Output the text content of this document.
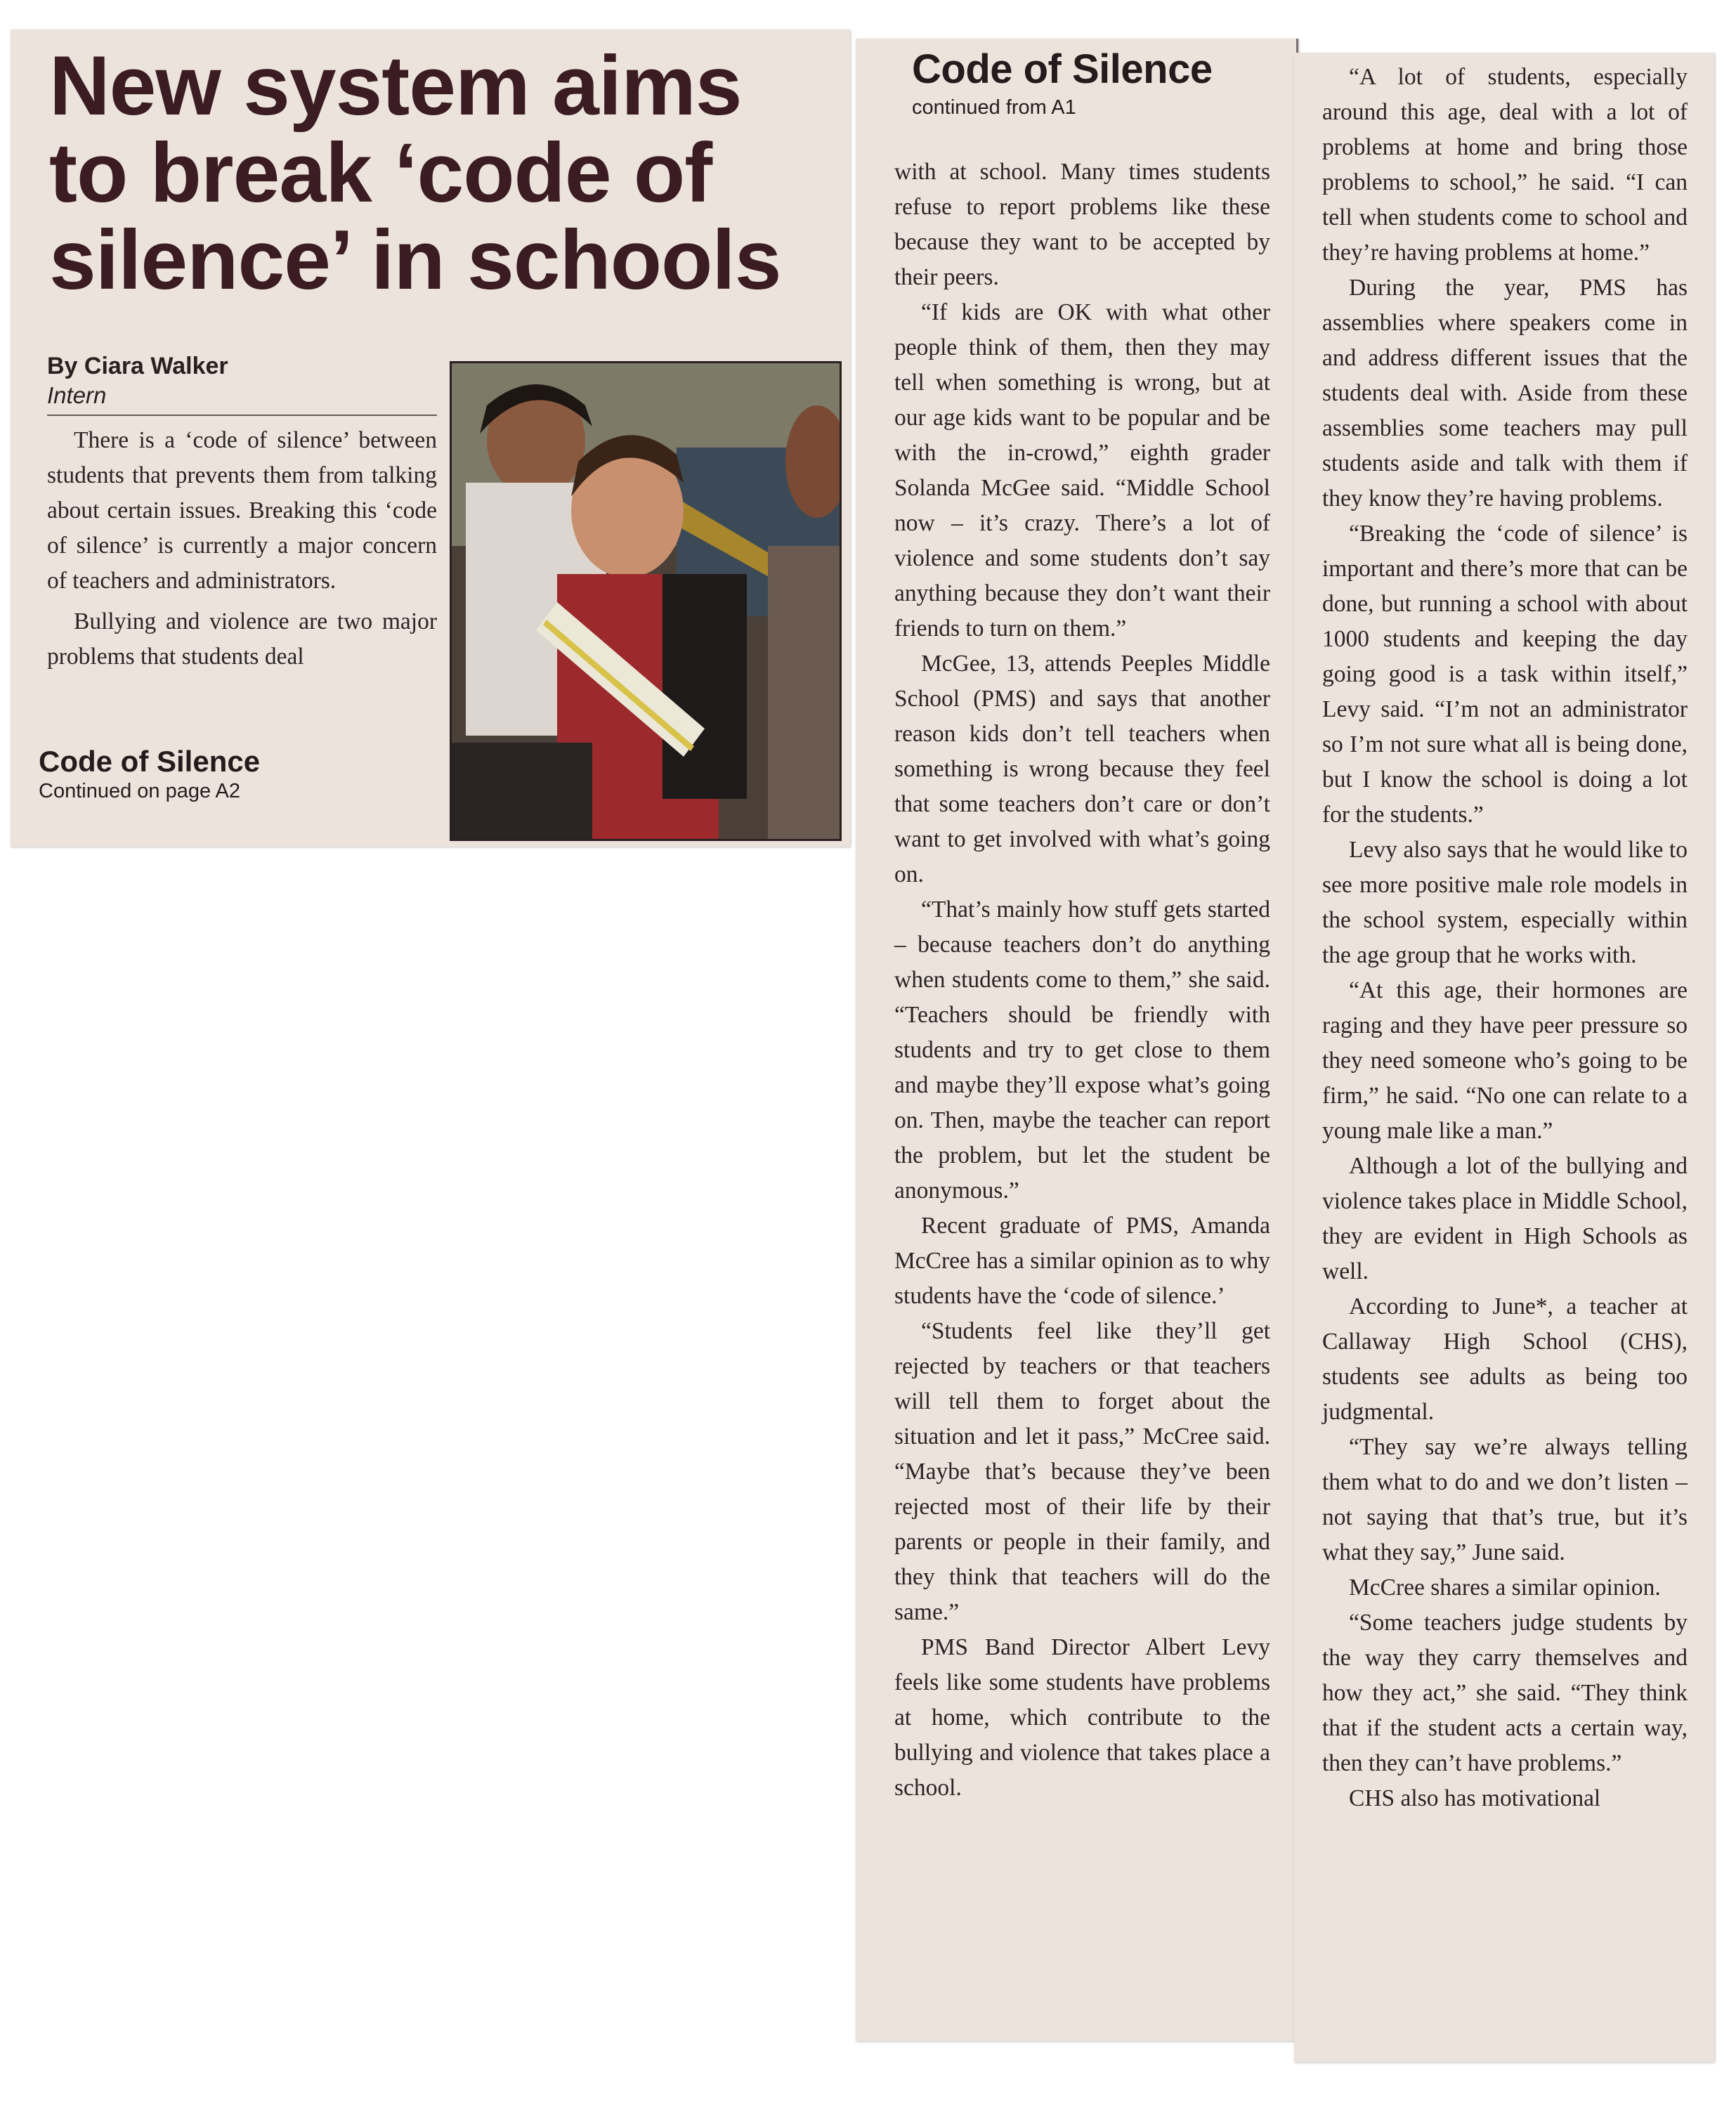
New system aims to break ‘code of silence’ in schools
By Ciara Walker
Intern

There is a ‘code of silence’ between students that prevents them from talking about certain issues. Breaking this ‘code of silence’ is currently a major concern of teachers and administrators.

Bullying and violence are two major problems that students deal

Code of Silence
Continued on page A2
Code of Silence
continued from A1

with at school. Many times students refuse to report problems like these because they want to be accepted by their peers.

“If kids are OK with what other people think of them, then they may tell when something is wrong, but at our age kids want to be popular and be with the in-crowd,” eighth grader Solanda McGee said. “Middle School now – it’s crazy. There’s a lot of violence and some students don’t say anything because they don’t want their friends to turn on them.”

McGee, 13, attends Peeples Middle School (PMS) and says that another reason kids don’t tell teachers when something is wrong because they feel that some teachers don’t care or don’t want to get involved with what’s going on.

“That’s mainly how stuff gets started – because teachers don’t do anything when students come to them,” she said. “Teachers should be friendly with students and try to get close to them and maybe they’ll expose what’s going on. Then, maybe the teacher can report the problem, but let the student be anonymous.”

Recent graduate of PMS, Amanda McCree has a similar opinion as to why students have the ‘code of silence.’

“Students feel like they’ll get rejected by teachers or that teachers will tell them to forget about the situation and let it pass,” McCree said. “Maybe that’s because they’ve been rejected most of their life by their parents or people in their family, and they think that teachers will do the same.”

PMS Band Director Albert Levy feels like some students have problems at home, which contribute to the bullying and violence that takes place a school.

“A lot of students, especially around this age, deal with a lot of problems at home and bring those problems to school,” he said. “I can tell when students come to school and they’re having problems at home.”

During the year, PMS has assemblies where speakers come in and address different issues that the students deal with. Aside from these assemblies some teachers may pull students aside and talk with them if they know they’re having problems.

“Breaking the ‘code of silence’ is important and there’s more that can be done, but running a school with about 1000 students and keeping the day going good is a task within itself,” Levy said. “I’m not an administrator so I’m not sure what all is being done, but I know the school is doing a lot for the students.”

Levy also says that he would like to see more positive male role models in the school system, especially within the age group that he works with.

“At this age, their hormones are raging and they have peer pressure so they need someone who’s going to be firm,” he said. “No one can relate to a young male like a man.”

Although a lot of the bullying and violence takes place in Middle School, they are evident in High Schools as well.

According to June*, a teacher at Callaway High School (CHS), students see adults as being too judgmental.

“They say we’re always telling them what to do and we don’t listen – not saying that that’s true, but it’s what they say,” June said.

McCree shares a similar opinion.

“Some teachers judge students by the way they carry themselves and how they act,” she said. “They think that if the student acts a certain way, then they can’t have problems.”

CHS also has motivational
